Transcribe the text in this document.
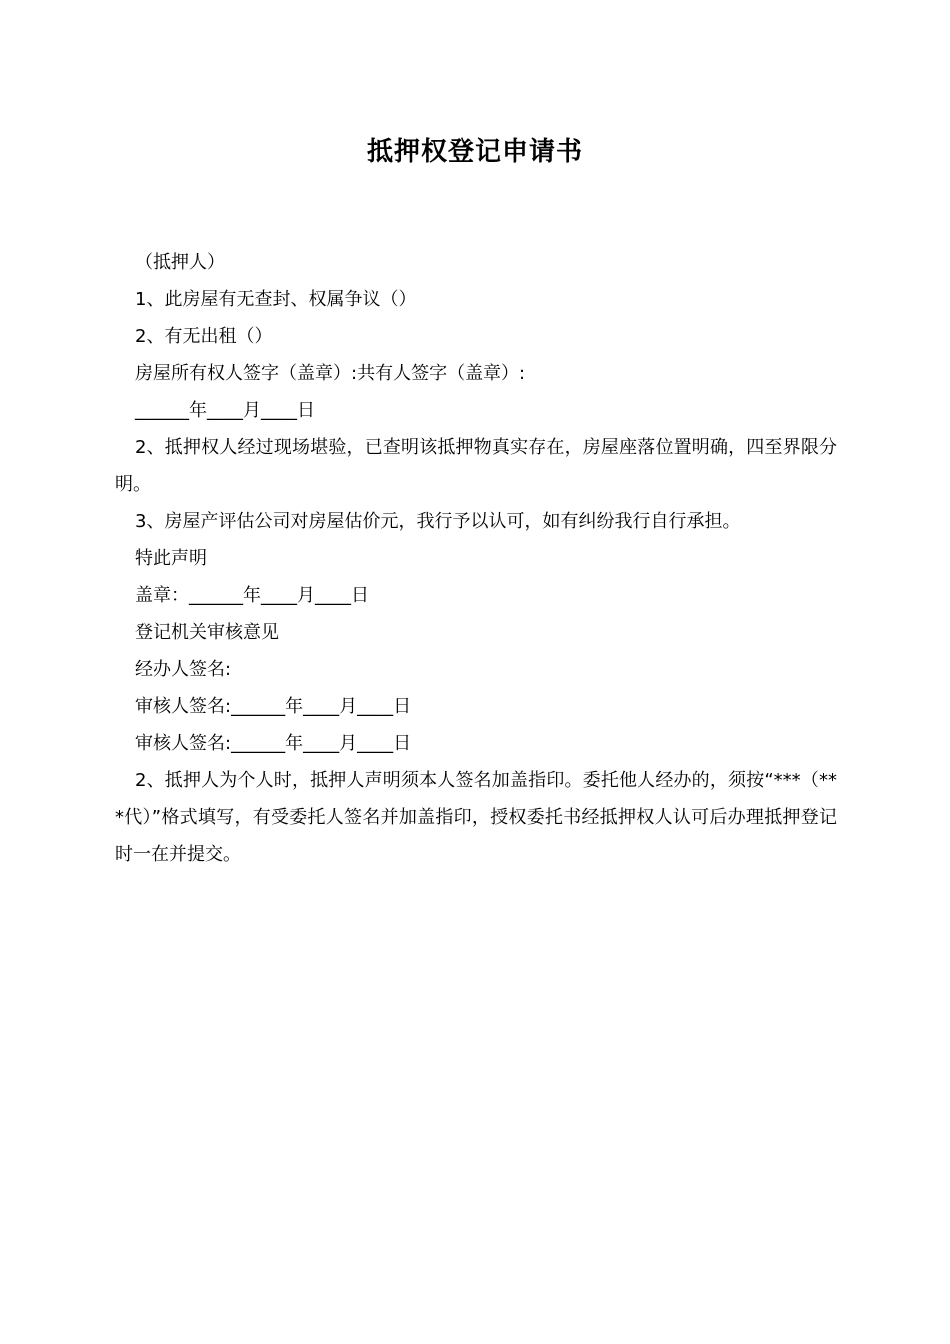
抵押权登记申请书

（抵押人）

1、此房屋有无查封、权属争议（）

2、有无出租（）

房屋所有权人签字（盖章）:共有人签字（盖章）:

______年____月____日

2、抵押权人经过现场堪验，已查明该抵押物真实存在，房屋座落位置明确，四至界限分明。

3、房屋产评估公司对房屋估价元，我行予以认可，如有纠纷我行自行承担。

特此声明

盖章：______年____月____日

登记机关审核意见

经办人签名:

审核人签名:______年____月____日

审核人签名:______年____月____日

2、抵押人为个人时，抵押人声明须本人签名加盖指印。委托他人经办的，须按“***（***代）”格式填写，有受委托人签名并加盖指印，授权委托书经抵押权人认可后办理抵押登记时一在并提交。
